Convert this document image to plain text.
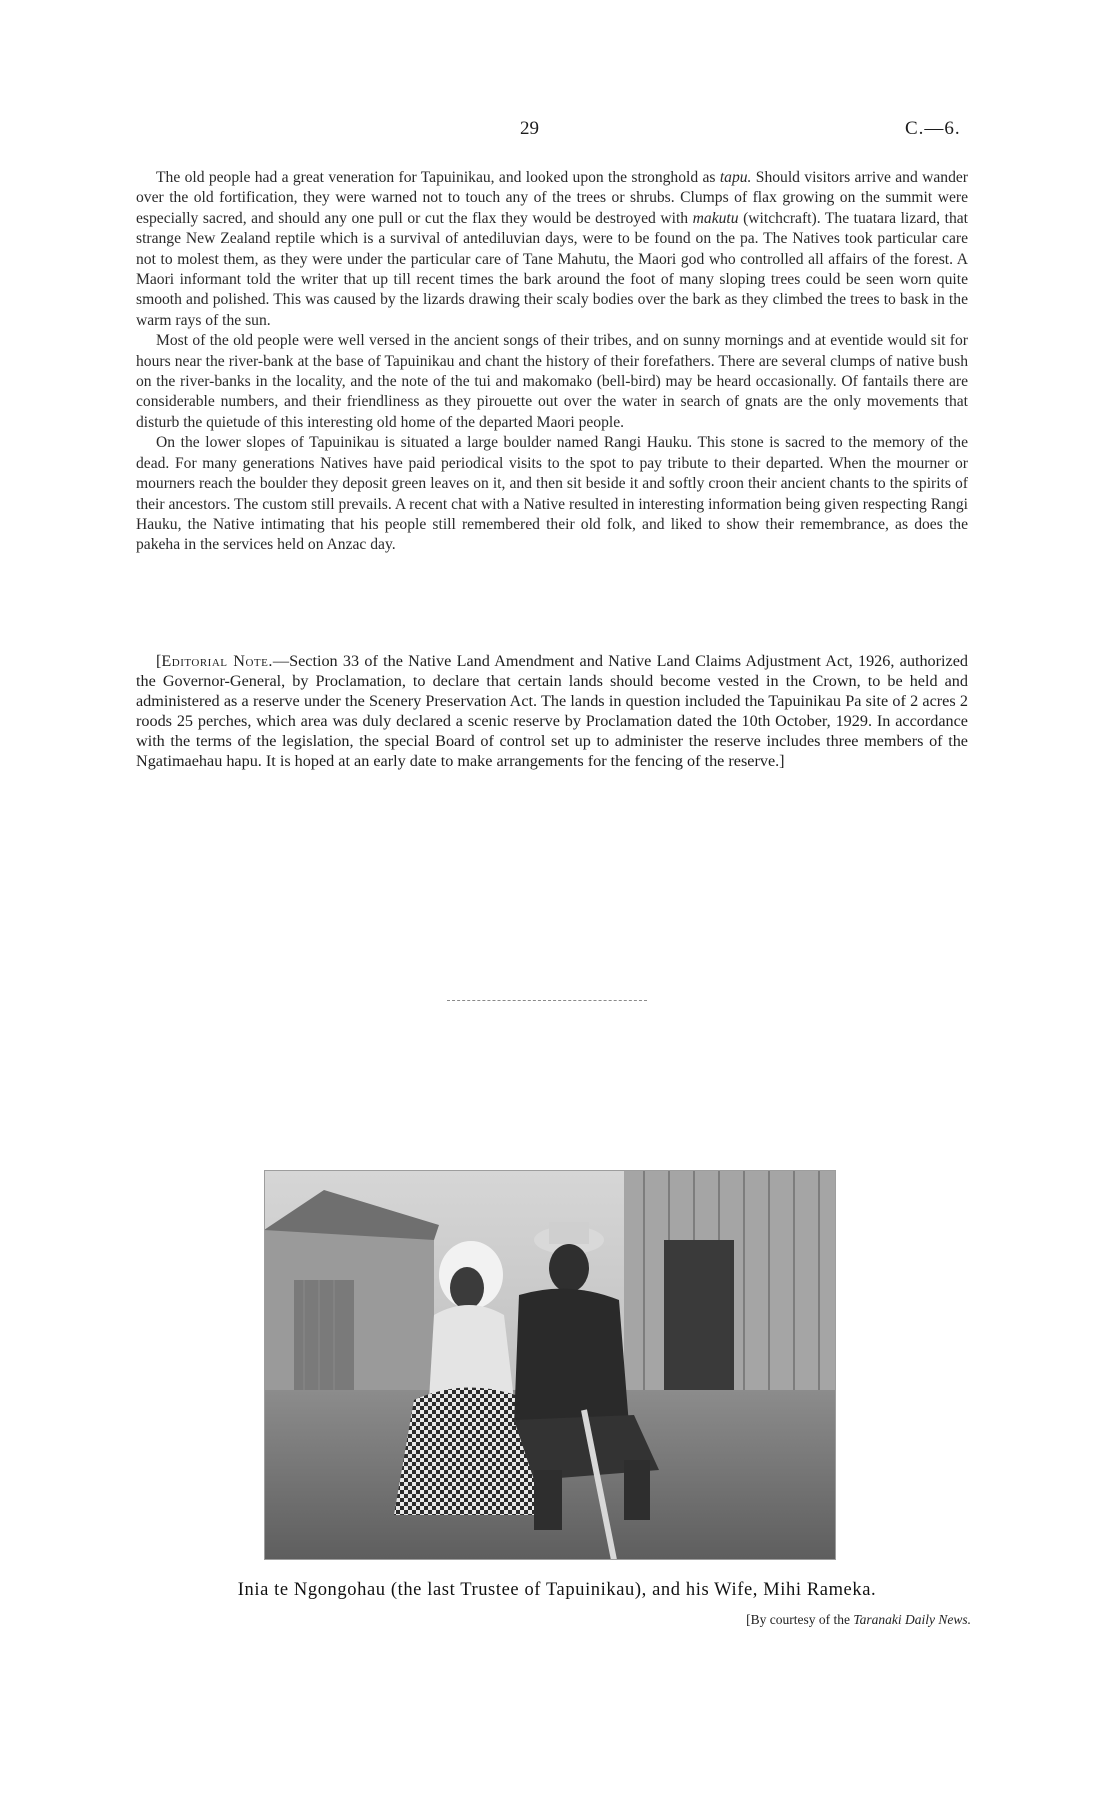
29	C.—6.

The old people had a great veneration for Tapuinikau, and looked upon the stronghold as tapu. Should visitors arrive and wander over the old fortification, they were warned not to touch any of the trees or shrubs. Clumps of flax growing on the summit were especially sacred, and should any one pull or cut the flax they would be destroyed with makutu (witchcraft). The tuatara lizard, that strange New Zealand reptile which is a survival of antediluvian days, were to be found on the pa. The Natives took particular care not to molest them, as they were under the particular care of Tane Mahutu, the Maori god who controlled all affairs of the forest. A Maori informant told the writer that up till recent times the bark around the foot of many sloping trees could be seen worn quite smooth and polished. This was caused by the lizards drawing their scaly bodies over the bark as they climbed the trees to bask in the warm rays of the sun.

Most of the old people were well versed in the ancient songs of their tribes, and on sunny mornings and at eventide would sit for hours near the river-bank at the base of Tapuinikau and chant the history of their forefathers. There are several clumps of native bush on the river-banks in the locality, and the note of the tui and makomako (bell-bird) may be heard occasionally. Of fantails there are considerable numbers, and their friendliness as they pirouette out over the water in search of gnats are the only movements that disturb the quietude of this interesting old home of the departed Maori people.

On the lower slopes of Tapuinikau is situated a large boulder named Rangi Hauku. This stone is sacred to the memory of the dead. For many generations Natives have paid periodical visits to the spot to pay tribute to their departed. When the mourner or mourners reach the boulder they deposit green leaves on it, and then sit beside it and softly croon their ancient chants to the spirits of their ancestors. The custom still prevails. A recent chat with a Native resulted in interesting information being given respecting Rangi Hauku, the Native intimating that his people still remembered their old folk, and liked to show their remembrance, as does the pakeha in the services held on Anzac day.

[Editorial Note.—Section 33 of the Native Land Amendment and Native Land Claims Adjustment Act, 1926, authorized the Governor-General, by Proclamation, to declare that certain lands should become vested in the Crown, to be held and administered as a reserve under the Scenery Preservation Act. The lands in question included the Tapuinikau Pa site of 2 acres 2 roods 25 perches, which area was duly declared a scenic reserve by Proclamation dated the 10th October, 1929. In accordance with the terms of the legislation, the special Board of control set up to administer the reserve includes three members of the Ngatimaehau hapu. It is hoped at an early date to make arrangements for the fencing of the reserve.]

Inia te Ngongohau (the last Trustee of Tapuinikau), and his Wife, Mihi Rameka.
[By courtesy of the Taranaki Daily News.
